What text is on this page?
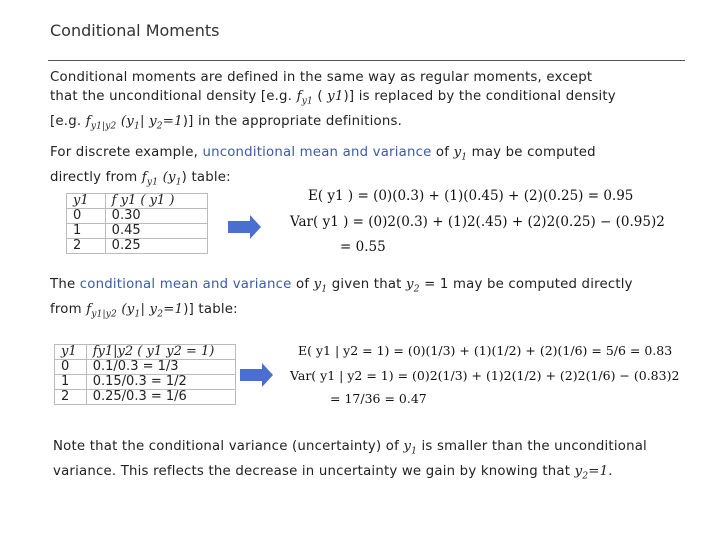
Conditional Moments
Conditional moments are defined in the same way as regular moments, except
that the unconditional density [e.g. $f_{y1}$ ( y1)] is replaced by the conditional density
[e.g. $f_{y1|y2}$ ($y_1|$ $y_2=1$)] in the appropriate definitions.
For discrete example, unconditional mean and variance of $y_1$ may be computed
directly from $f_{y1}$ $(y_1)$ table:
y1	f y1 ( y1 )
0	0.30
1	0.45
2	0.25
E( y1 ) = (0)(0.3) + (1)(0.45) + (2)(0.25) = 0.95
Var( y1 ) = (0)2(0.3) + (1)2(.45) + (2)2(0.25) − (0.95)2
= 0.55
The conditional mean and variance of $y_1$ given that $y_2 = 1$ may be computed directly
from $f_{y1|y2}$ ($y_1|$ $y_2=1$)] table:
y1	fy1|y2 ( y1 y2 = 1)
0	0.1/0.3 = 1/3
1	0.15/0.3 = 1/2
2	0.25/0.3 = 1/6
E( y1 | y2 = 1) = (0)(1/3) + (1)(1/2) + (2)(1/6) = 5/6 = 0.83
Var( y1 | y2 = 1) = (0)2(1/3) + (1)2(1/2) + (2)2(1/6) − (0.83)2
= 17/36 = 0.47
Note that the conditional variance (uncertainty) of $y_1$ is smaller than the unconditional
variance. This reflects the decrease in uncertainty we gain by knowing that $y_2=1$.
